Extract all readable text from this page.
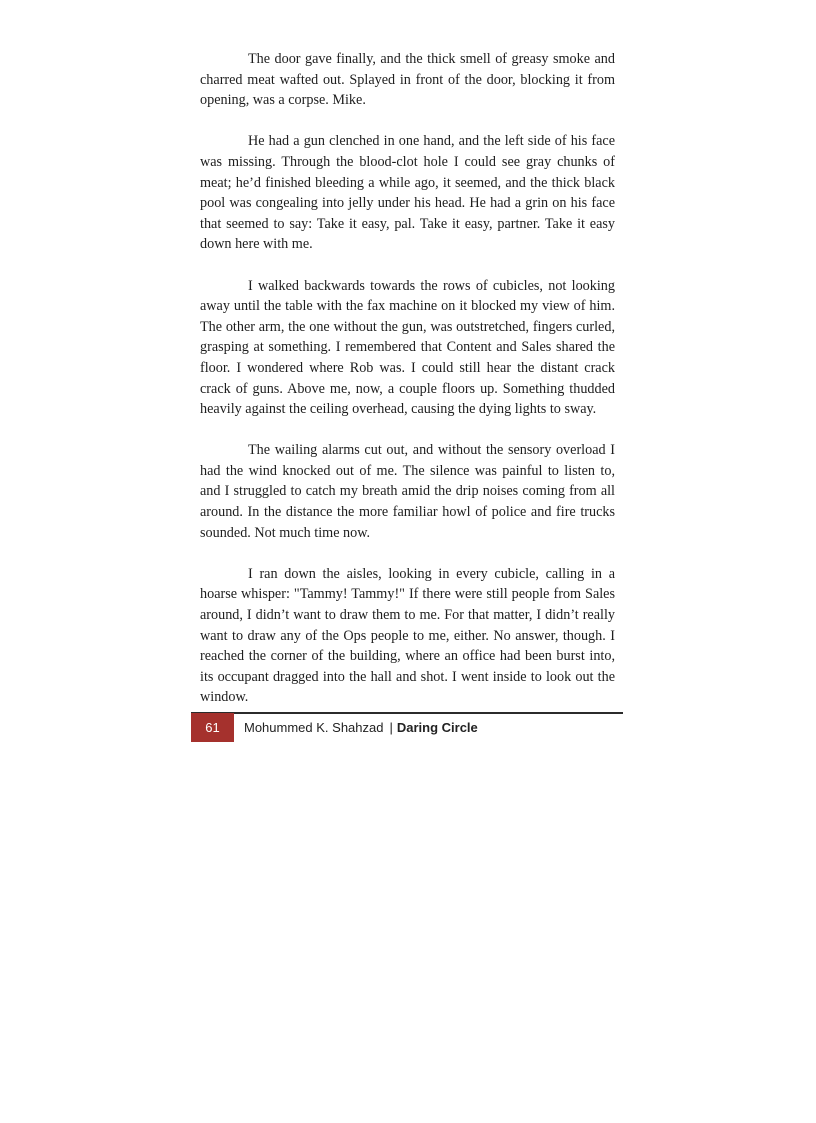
The door gave finally, and the thick smell of greasy smoke and charred meat wafted out. Splayed in front of the door, blocking it from opening, was a corpse. Mike.

He had a gun clenched in one hand, and the left side of his face was missing. Through the blood-clot hole I could see gray chunks of meat; he’d finished bleeding a while ago, it seemed, and the thick black pool was congealing into jelly under his head. He had a grin on his face that seemed to say: Take it easy, pal. Take it easy, partner. Take it easy down here with me.

I walked backwards towards the rows of cubicles, not looking away until the table with the fax machine on it blocked my view of him. The other arm, the one without the gun, was outstretched, fingers curled, grasping at something. I remembered that Content and Sales shared the floor. I wondered where Rob was. I could still hear the distant crack crack of guns. Above me, now, a couple floors up. Something thudded heavily against the ceiling overhead, causing the dying lights to sway.

The wailing alarms cut out, and without the sensory overload I had the wind knocked out of me. The silence was painful to listen to, and I struggled to catch my breath amid the drip noises coming from all around. In the distance the more familiar howl of police and fire trucks sounded. Not much time now.

I ran down the aisles, looking in every cubicle, calling in a hoarse whisper: "Tammy! Tammy!" If there were still people from Sales around, I didn’t want to draw them to me. For that matter, I didn’t really want to draw any of the Ops people to me, either. No answer, though. I reached the corner of the building, where an office had been burst into, its occupant dragged into the hall and shot. I went inside to look out the window.

61	Mohummed K. Shahzad | Daring Circle
